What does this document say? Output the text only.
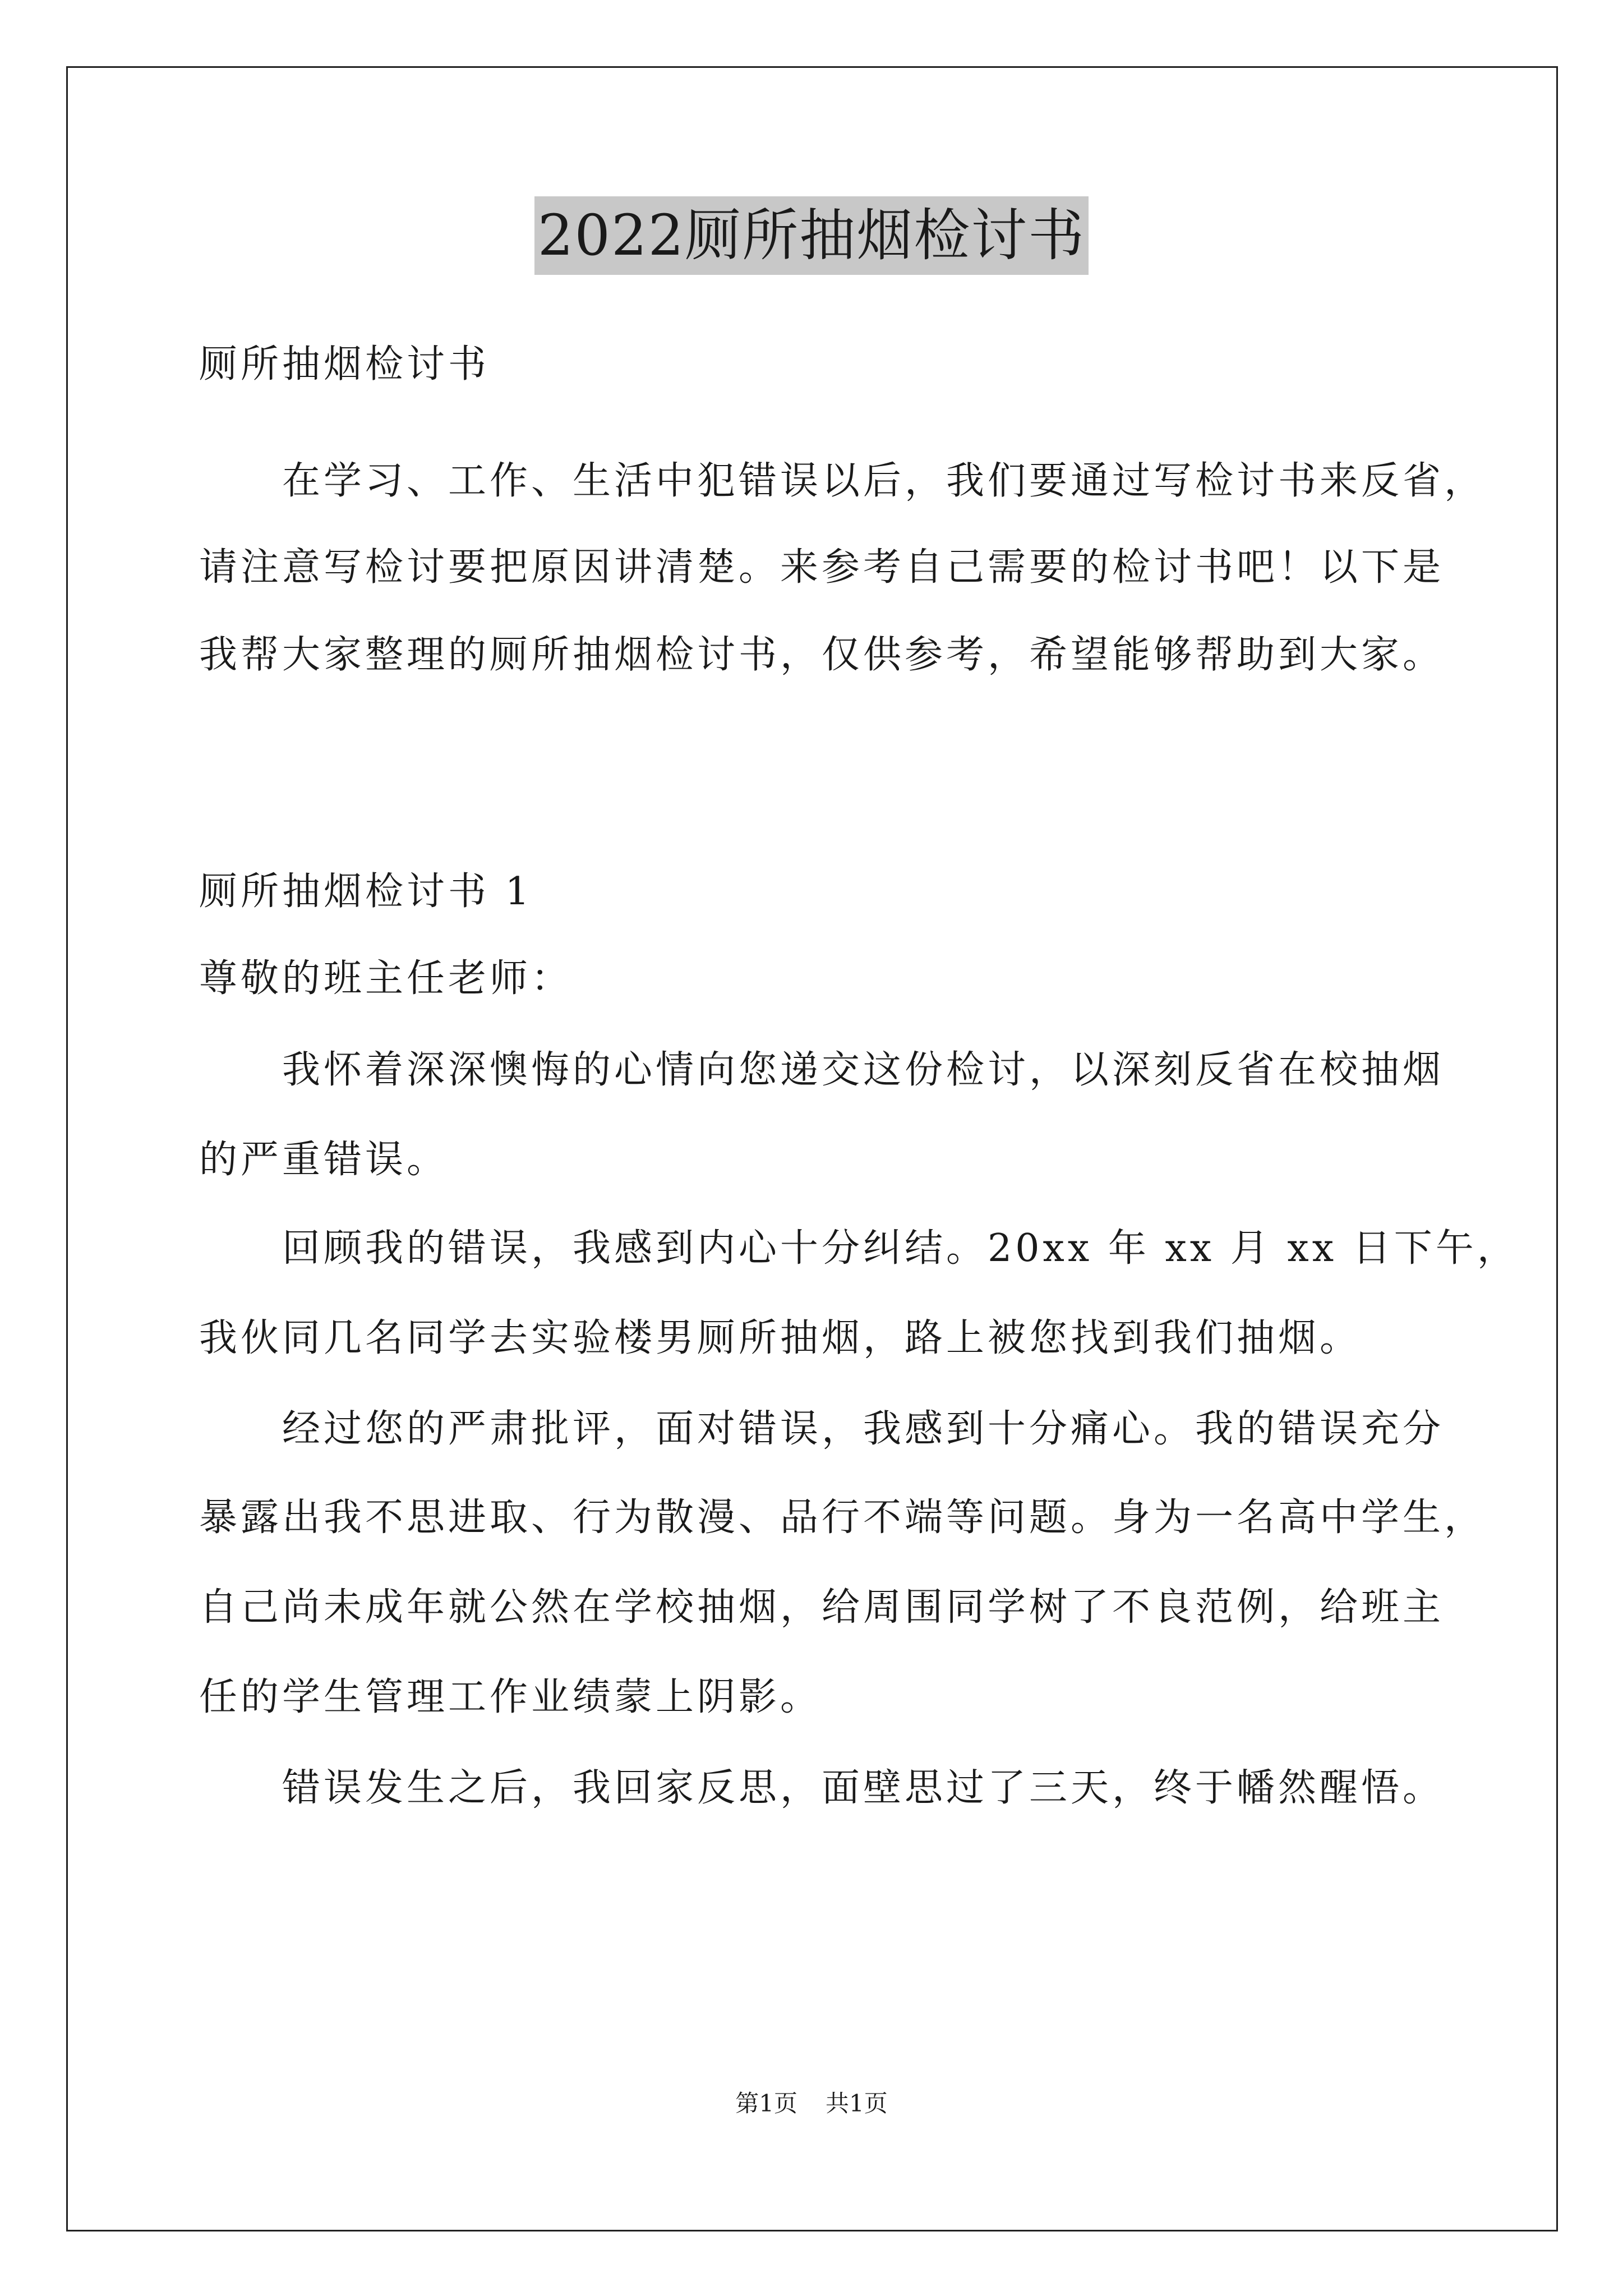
2022厕所抽烟检讨书
厕所抽烟检讨书
在学习、工作、生活中犯错误以后，我们要通过写检讨书来反省，
请注意写检讨要把原因讲清楚。来参考自己需要的检讨书吧！以下是
我帮大家整理的厕所抽烟检讨书，仅供参考，希望能够帮助到大家。
厕所抽烟检讨书 1
尊敬的班主任老师：
我怀着深深懊悔的心情向您递交这份检讨，以深刻反省在校抽烟
的严重错误。
回顾我的错误，我感到内心十分纠结。20xx 年 xx 月 xx 日下午，
我伙同几名同学去实验楼男厕所抽烟，路上被您找到我们抽烟。
经过您的严肃批评，面对错误，我感到十分痛心。我的错误充分
暴露出我不思进取、行为散漫、品行不端等问题。身为一名高中学生，
自己尚未成年就公然在学校抽烟，给周围同学树了不良范例，给班主
任的学生管理工作业绩蒙上阴影。
错误发生之后，我回家反思，面壁思过了三天，终于幡然醒悟。
第1页 共1页
